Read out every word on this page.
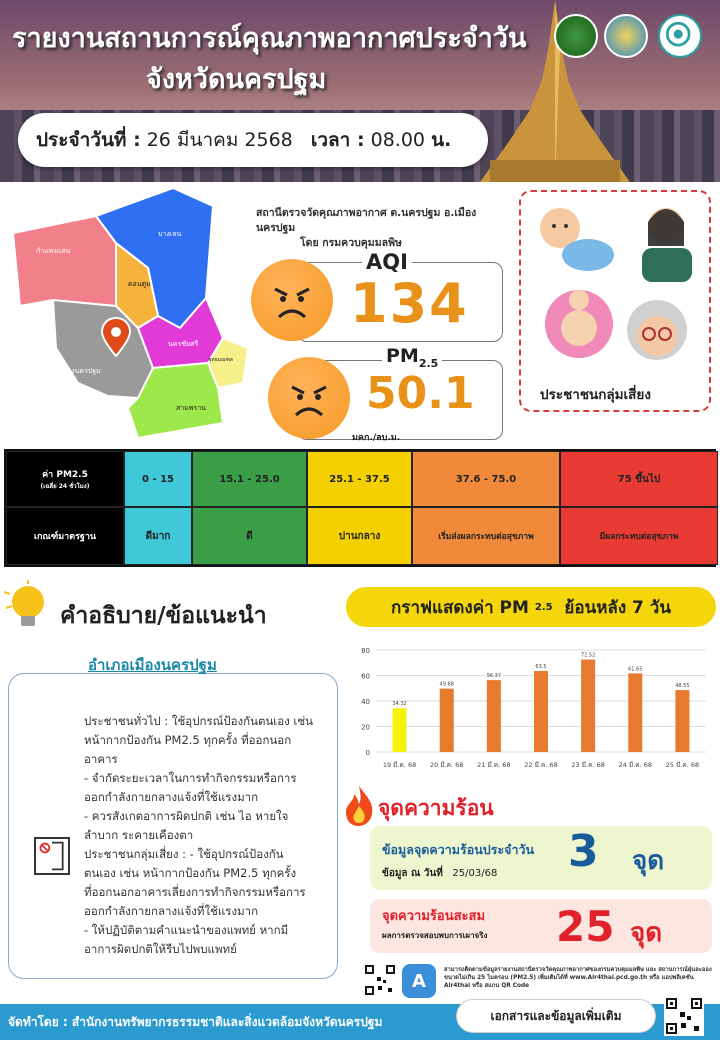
รายงานสถานการณ์คุณภาพอากาศประจำวัน
จังหวัดนครปฐม
ประจำวันที่ :
26 มีนาคม 2568
เวลา :
08.00
น.
กำแพงแสน
บางเลน
ดอนตูม
เมืองนครปฐม
นครชัยศรี
พุทธมณฑล
สามพราน
สถานีตรวจวัดคุณภาพอากาศ ต.นครปฐม อ.เมืองนครปฐม
โดย กรมควบคุมมลพิษ
AQI
134
$PM_{2.5}$
50.1
มคก./ลบ.ม.
ประชาชนกลุ่มเสี่ยง
ค่า PM2.5
(เฉลี่ย 24 ชั่วโมง)
0 - 15	15.1 - 25.0	25.1 - 37.5	37.6 - 75.0	75 ขึ้นไป
เกณฑ์มาตรฐาน	ดีมาก	ดี	ปานกลาง	เริ่มส่งผลกระทบต่อสุขภาพ	มีผลกระทบต่อสุขภาพ
คำอธิบาย/ข้อแนะนำ
อำเภอเมืองนครปฐม
ประชาชนทั่วไป : ใช้อุปกรณ์ป้องกันตนเอง เช่น
หน้ากากป้องกัน PM2.5 ทุกครั้ง ที่ออกนอก
อาคาร
- จำกัดระยะเวลาในการทำกิจกรรมหรือการ
ออกกำลังกายกลางแจ้งที่ใช้แรงมาก
- ควรสังเกตอาการผิดปกติ เช่น ไอ หายใจ
ลำบาก ระคายเคืองตา
ประชาชนกลุ่มเสี่ยง : - ใช้อุปกรณ์ป้องกัน
ตนเอง เช่น หน้ากากป้องกัน PM2.5 ทุกครั้ง
ที่ออกนอกอาคารเลี่ยงการทำกิจกรรมหรือการ
ออกกำลังกายกลางแจ้งที่ใช้แรงมาก
- ให้ปฏิบัติตามคำแนะนำของแพทย์ หากมี
อาการผิดปกติให้รีบไปพบแพทย์
กราฟแสดงค่า PM
2.5
ย้อนหลัง 7 วัน
0
20
40
60
80
34.32
19 มี.ค. 68
49.68
20 มี.ค. 68
56.37
21 มี.ค. 68
63.5
22 มี.ค. 68
72.52
23 มี.ค. 68
61.65
24 มี.ค. 68
48.55
25 มี.ค. 68
จุดความร้อน
ข้อมูลจุดความร้อนประจำวัน
ข้อมูล ณ วันที่ 25/03/68 3 จุด
จุดความร้อนสะสม
ผลการตรวจสอบพบการเผาจริง 25 จุด
A
สามารถติดตามข้อมูลรายงานสถานีตรวจวัดคุณภาพอากาศของกรมควบคุมมลพิษ และ สถานการณ์ฝุ่นละอองขนาดไม่เกิน 25 ไมครอน (PM2.5) เพิ่มเติมได้ที่ www.Air4thai.pcd.go.th หรือ แอปพลิเคชัน Air4thai หรือ สแกน QR Code
จัดทำโดย : สำนักงานทรัพยากรธรรมชาติและสิ่งแวดล้อมจังหวัดนครปฐม	เอกสารและข้อมูลเพิ่มเติม
